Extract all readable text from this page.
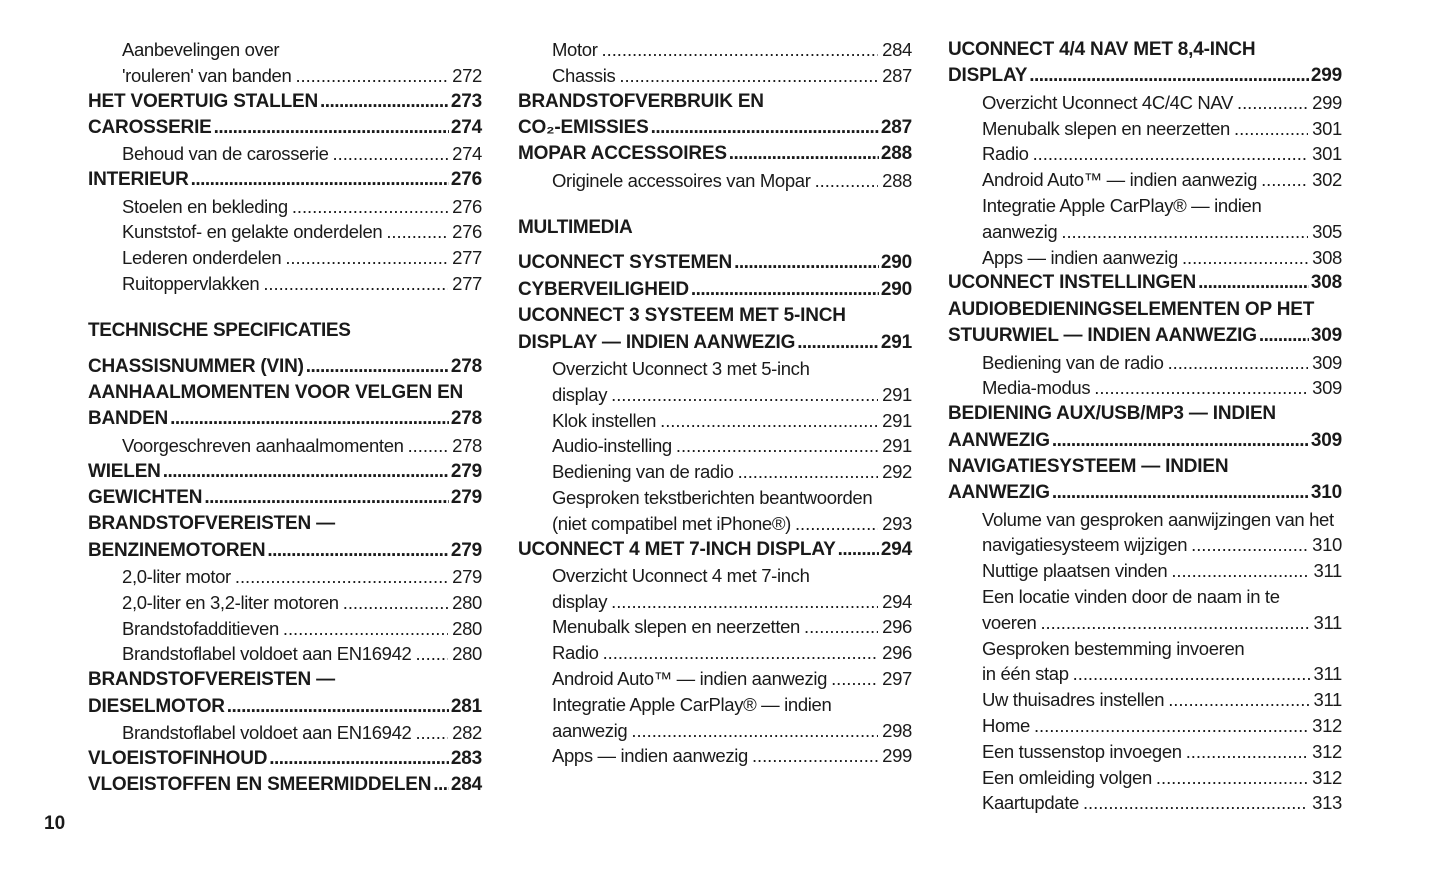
Aanbevelingen over
'rouleren' van banden . . .	272
HET VOERTUIG STALLEN . . .	273
CAROSSERIE . . .	274
Behoud van de carosserie . . .	274
INTERIEUR . . .	276
Stoelen en bekleding . . .	276
Kunststof- en gelakte onderdelen . . .	276
Lederen onderdelen . . .	277
Ruitoppervlakken . . .	277
TECHNISCHE SPECIFICATIES
CHASSISNUMMER (VIN) . . .	278
AANHAALMOMENTEN VOOR VELGEN EN
BANDEN . . .	278
Voorgeschreven aanhaalmomenten . . .	278
WIELEN . . .	279
GEWICHTEN . . .	279
BRANDSTOFVEREISTEN —
BENZINEMOTOREN . . .	279
2,0-liter motor . . .	279
2,0-liter en 3,2-liter motoren . . .	280
Brandstofadditieven . . .	280
Brandstoflabel voldoet aan EN16942 . . . 280
BRANDSTOFVEREISTEN —
DIESELMOTOR . . .	281
Brandstoflabel voldoet aan EN16942 . . . 282
VLOEISTOFINHOUD . . .	283
VLOEISTOFFEN EN SMEERMIDDELEN . . . 284
Motor . . .	284
Chassis . . .	287
BRANDSTOFVERBRUIK EN
CO₂-EMISSIES . . .	287
MOPAR ACCESSOIRES . . .	288
Originele accessoires van Mopar . . .	288
MULTIMEDIA
UCONNECT SYSTEMEN . . .	290
CYBERVEILIGHEID . . .	290
UCONNECT 3 SYSTEEM MET 5-INCH
DISPLAY — INDIEN AANWEZIG . . .	291
Overzicht Uconnect 3 met 5-inch
display . . .	291
Klok instellen . . .	291
Audio-instelling . . .	291
Bediening van de radio . . .	292
Gesproken tekstberichten beantwoorden
(niet compatibel met iPhone®) . . .	293
UCONNECT 4 MET 7-INCH DISPLAY . . . 294
Overzicht Uconnect 4 met 7-inch
display . . .	294
Menubalk slepen en neerzetten . . .	296
Radio . . .	296
Android Auto™ — indien aanwezig . . .	297
Integratie Apple CarPlay® — indien
aanwezig . . .	298
Apps — indien aanwezig . . .	299
UCONNECT 4/4 NAV MET 8,4-INCH
DISPLAY . . .	299
Overzicht Uconnect 4C/4C NAV . . .	299
Menubalk slepen en neerzetten . . .	301
Radio . . .	301
Android Auto™ — indien aanwezig . . .	302
Integratie Apple CarPlay® — indien
aanwezig . . .	305
Apps — indien aanwezig . . .	308
UCONNECT INSTELLINGEN . . .	308
AUDIOBEDIENINGSELEMENTEN OP HET
STUURWIEL — INDIEN AANWEZIG . . .	309
Bediening van de radio . . .	309
Media-modus . . .	309
BEDIENING AUX/USB/MP3 — INDIEN
AANWEZIG . . .	309
NAVIGATIESYSTEEM — INDIEN
AANWEZIG . . .	310
Volume van gesproken aanwijzingen van het
navigatiesysteem wijzigen . . .	310
Nuttige plaatsen vinden . . .	311
Een locatie vinden door de naam in te
voeren . . .	311
Gesproken bestemming invoeren
in één stap . . .	311
Uw thuisadres instellen . . .	311
Home . . .	312
Een tussenstop invoegen . . .	312
Een omleiding volgen . . .	312
Kaartupdate . . .	313
10
